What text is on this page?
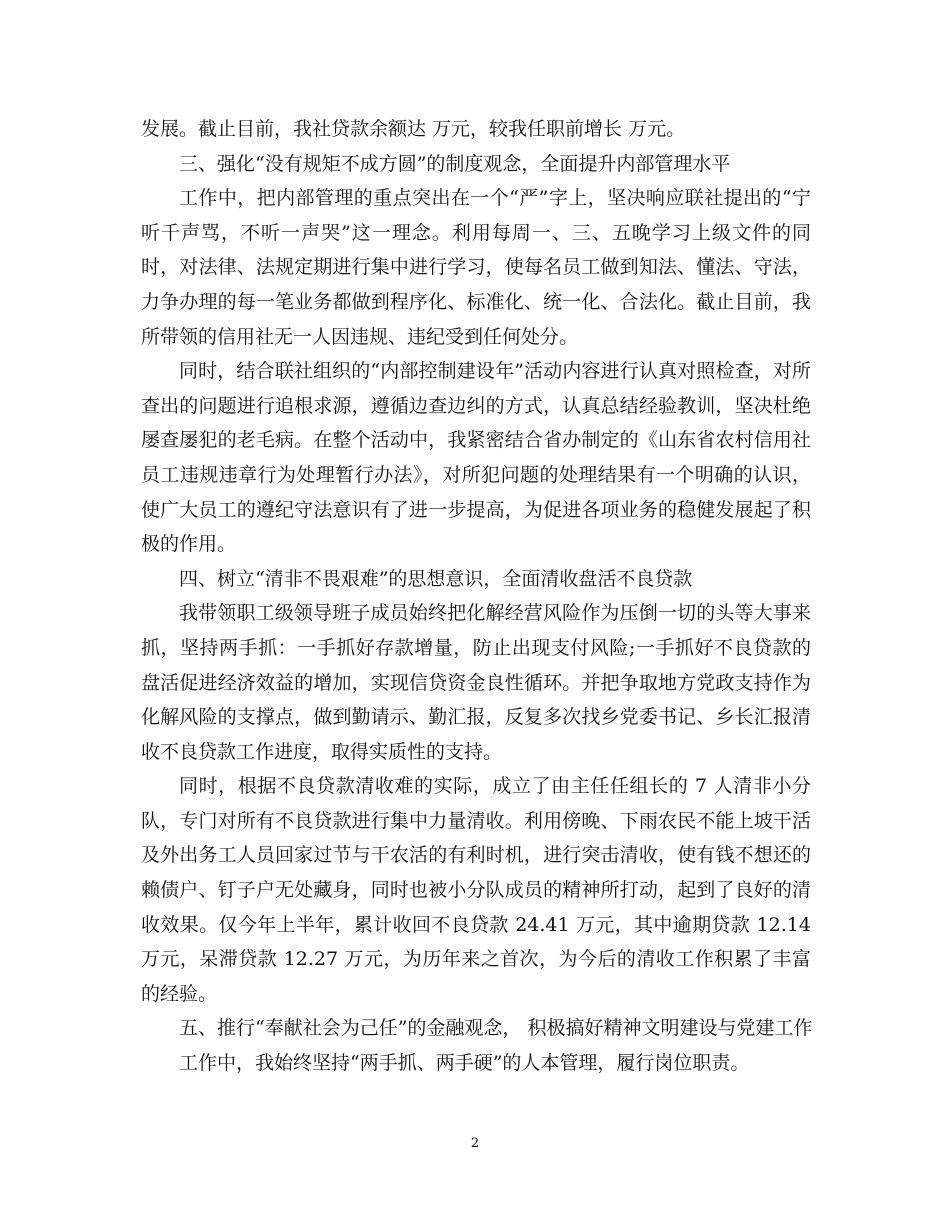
发展。截止目前，我社贷款余额达 万元，较我任职前增长 万元。

三、强化“没有规矩不成方圆”的制度观念，全面提升内部管理水平

工作中，把内部管理的重点突出在一个“严”字上，坚决响应联社提出的“宁听千声骂，不听一声哭”这一理念。利用每周一、三、五晚学习上级文件的同时，对法律、法规定期进行集中进行学习，使每名员工做到知法、懂法、守法，力争办理的每一笔业务都做到程序化、标准化、统一化、合法化。截止目前，我所带领的信用社无一人因违规、违纪受到任何处分。

同时，结合联社组织的“内部控制建设年”活动内容进行认真对照检查，对所查出的问题进行追根求源，遵循边查边纠的方式，认真总结经验教训，坚决杜绝屡查屡犯的老毛病。在整个活动中，我紧密结合省办制定的《山东省农村信用社员工违规违章行为处理暂行办法》，对所犯问题的处理结果有一个明确的认识，使广大员工的遵纪守法意识有了进一步提高，为促进各项业务的稳健发展起了积极的作用。

四、树立“清非不畏艰难”的思想意识，全面清收盘活不良贷款

我带领职工级领导班子成员始终把化解经营风险作为压倒一切的头等大事来抓，坚持两手抓：一手抓好存款增量，防止出现支付风险;一手抓好不良贷款的盘活促进经济效益的增加，实现信贷资金良性循环。并把争取地方党政支持作为化解风险的支撑点，做到勤请示、勤汇报，反复多次找乡党委书记、乡长汇报清收不良贷款工作进度，取得实质性的支持。

同时，根据不良贷款清收难的实际，成立了由主任任组长的 7 人清非小分队，专门对所有不良贷款进行集中力量清收。利用傍晚、下雨农民不能上坡干活及外出务工人员回家过节与干农活的有利时机，进行突击清收，使有钱不想还的赖债户、钉子户无处藏身，同时也被小分队成员的精神所打动，起到了良好的清收效果。仅今年上半年，累计收回不良贷款 24.41 万元，其中逾期贷款 12.14 万元，呆滞贷款 12.27 万元，为历年来之首次，为今后的清收工作积累了丰富的经验。

五、推行“奉献社会为己任”的金融观念， 积极搞好精神文明建设与党建工作

工作中，我始终坚持“两手抓、两手硬”的人本管理，履行岗位职责。

2
